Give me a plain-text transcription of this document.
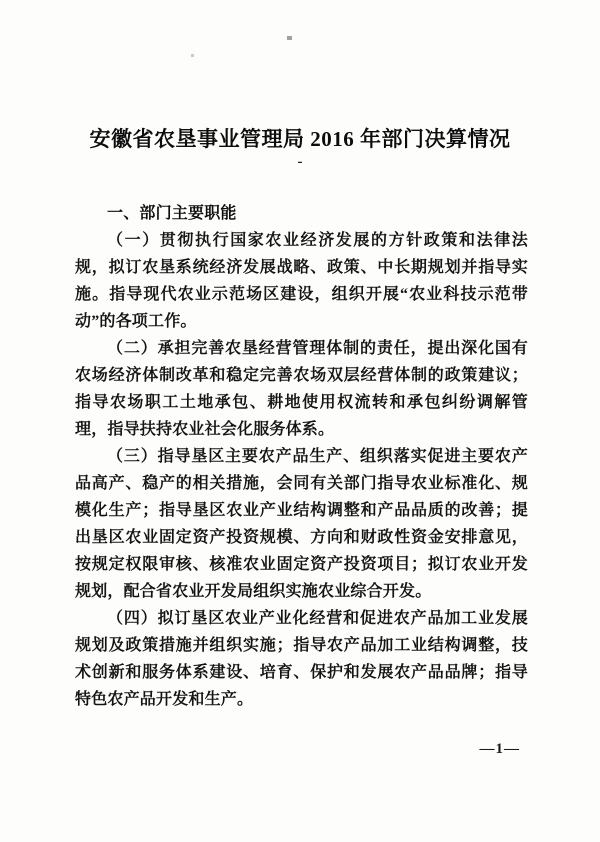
安徽省农垦事业管理局 2016 年部门决算情况
-

一、部门主要职能

（一）贯彻执行国家农业经济发展的方针政策和法律法规，拟订农垦系统经济发展战略、政策、中长期规划并指导实施。指导现代农业示范场区建设，组织开展“农业科技示范带动”的各项工作。

（二）承担完善农垦经营管理体制的责任，提出深化国有农场经济体制改革和稳定完善农场双层经营体制的政策建议；指导农场职工土地承包、耕地使用权流转和承包纠纷调解管理，指导扶持农业社会化服务体系。

（三）指导垦区主要农产品生产、组织落实促进主要农产品高产、稳产的相关措施，会同有关部门指导农业标准化、规模化生产；指导垦区农业产业结构调整和产品品质的改善；提出垦区农业固定资产投资规模、方向和财政性资金安排意见，按规定权限审核、核准农业固定资产投资项目；拟订农业开发规划，配合省农业开发局组织实施农业综合开发。

（四）拟订垦区农业产业化经营和促进农产品加工业发展规划及政策措施并组织实施；指导农产品加工业结构调整，技术创新和服务体系建设、培育、保护和发展农产品品牌；指导特色农产品开发和生产。

—1—
